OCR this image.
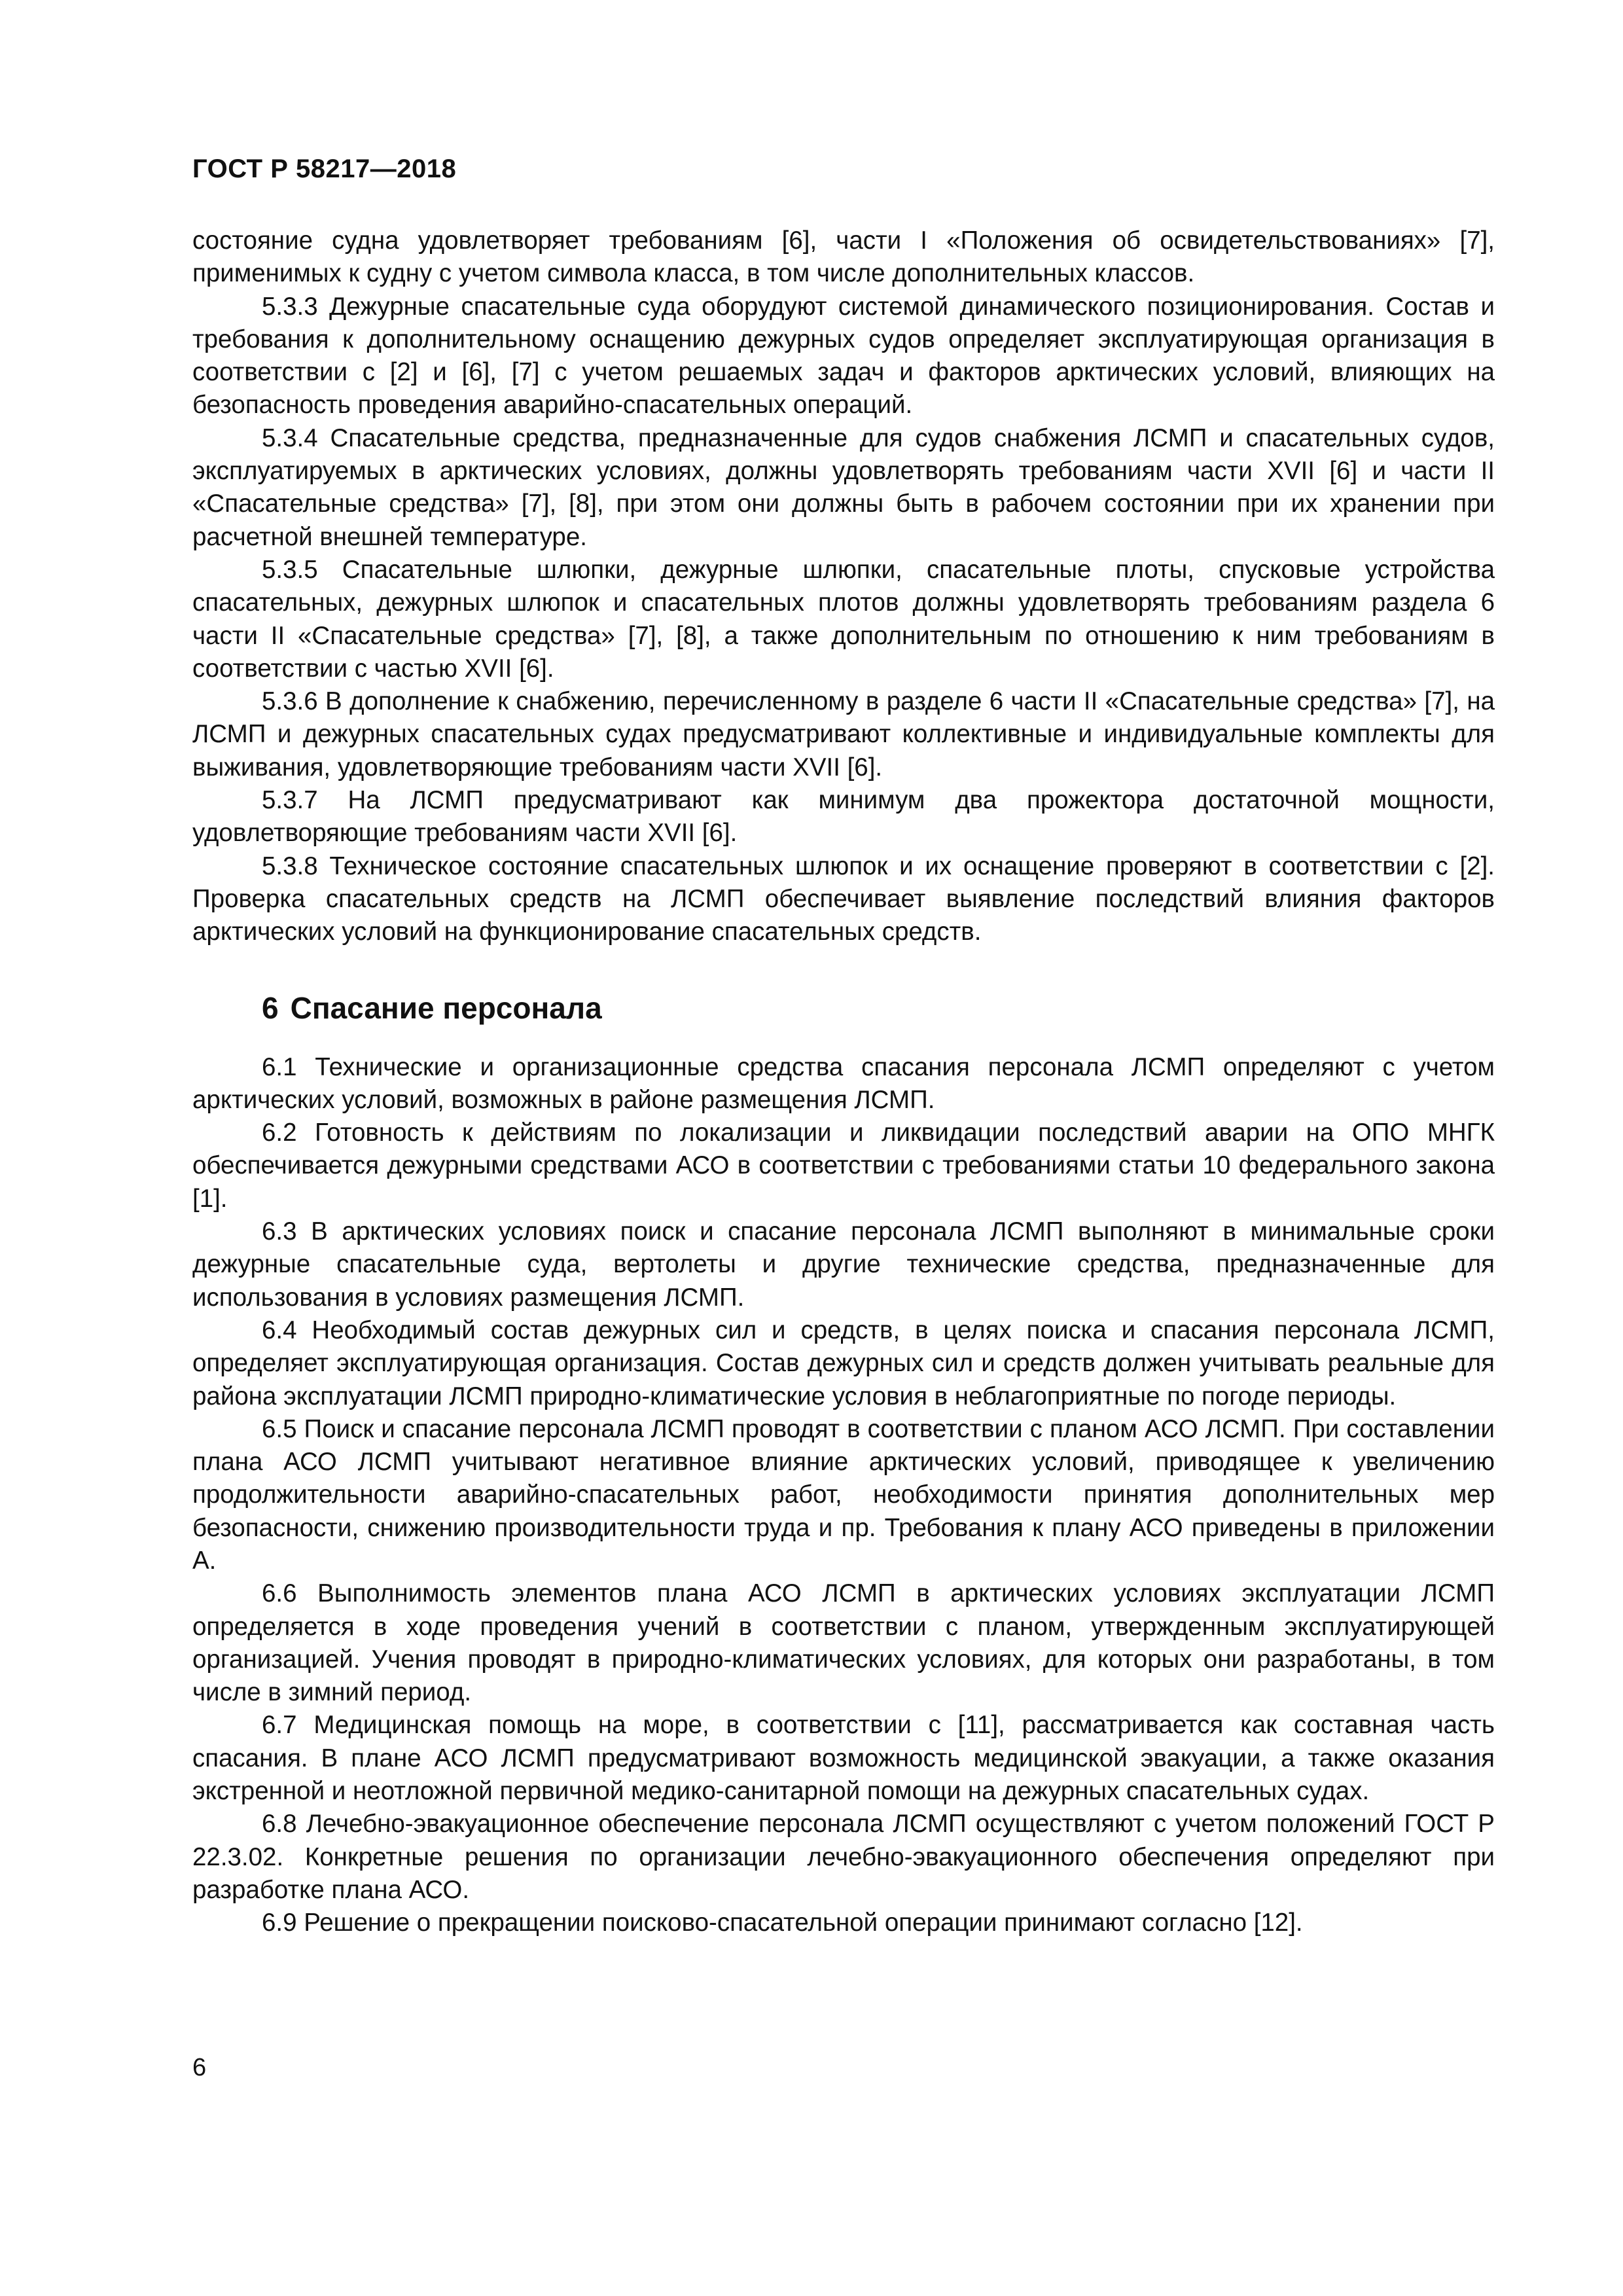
ГОСТ Р 58217—2018

состояние судна удовлетворяет требованиям [6], части I «Положения об освидетельствованиях» [7], применимых к судну с учетом символа класса, в том числе дополнительных классов.

5.3.3 Дежурные спасательные суда оборудуют системой динамического позиционирования. Состав и требования к дополнительному оснащению дежурных судов определяет эксплуатирующая организация в соответствии с [2] и [6], [7] с учетом решаемых задач и факторов арктических условий, влияющих на безопасность проведения аварийно-спасательных операций.

5.3.4 Спасательные средства, предназначенные для судов снабжения ЛСМП и спасательных судов, эксплуатируемых в арктических условиях, должны удовлетворять требованиям части XVII [6] и части II «Спасательные средства» [7], [8], при этом они должны быть в рабочем состоянии при их хранении при расчетной внешней температуре.

5.3.5 Спасательные шлюпки, дежурные шлюпки, спасательные плоты, спусковые устройства спасательных, дежурных шлюпок и спасательных плотов должны удовлетворять требованиям раздела 6 части II «Спасательные средства» [7], [8], а также дополнительным по отношению к ним требованиям в соответствии с частью XVII [6].

5.3.6 В дополнение к снабжению, перечисленному в разделе 6 части II «Спасательные средства» [7], на ЛСМП и дежурных спасательных судах предусматривают коллективные и индивидуальные комплекты для выживания, удовлетворяющие требованиям части XVII [6].

5.3.7 На ЛСМП предусматривают как минимум два прожектора достаточной мощности, удовлетворяющие требованиям части XVII [6].

5.3.8 Техническое состояние спасательных шлюпок и их оснащение проверяют в соответствии с [2]. Проверка спасательных средств на ЛСМП обеспечивает выявление последствий влияния факторов арктических условий на функционирование спасательных средств.

6 Спасание персонала

6.1 Технические и организационные средства спасания персонала ЛСМП определяют с учетом арктических условий, возможных в районе размещения ЛСМП.

6.2 Готовность к действиям по локализации и ликвидации последствий аварии на ОПО МНГК обеспечивается дежурными средствами АСО в соответствии с требованиями статьи 10 федерального закона [1].

6.3 В арктических условиях поиск и спасание персонала ЛСМП выполняют в минимальные сроки дежурные спасательные суда, вертолеты и другие технические средства, предназначенные для использования в условиях размещения ЛСМП.

6.4 Необходимый состав дежурных сил и средств, в целях поиска и спасания персонала ЛСМП, определяет эксплуатирующая организация. Состав дежурных сил и средств должен учитывать реальные для района эксплуатации ЛСМП природно-климатические условия в неблагоприятные по погоде периоды.

6.5 Поиск и спасание персонала ЛСМП проводят в соответствии с планом АСО ЛСМП. При составлении плана АСО ЛСМП учитывают негативное влияние арктических условий, приводящее к увеличению продолжительности аварийно-спасательных работ, необходимости принятия дополнительных мер безопасности, снижению производительности труда и пр. Требования к плану АСО приведены в приложении А.

6.6 Выполнимость элементов плана АСО ЛСМП в арктических условиях эксплуатации ЛСМП определяется в ходе проведения учений в соответствии с планом, утвержденным эксплуатирующей организацией. Учения проводят в природно-климатических условиях, для которых они разработаны, в том числе в зимний период.

6.7 Медицинская помощь на море, в соответствии с [11], рассматривается как составная часть спасания. В плане АСО ЛСМП предусматривают возможность медицинской эвакуации, а также оказания экстренной и неотложной первичной медико-санитарной помощи на дежурных спасательных судах.

6.8 Лечебно-эвакуационное обеспечение персонала ЛСМП осуществляют с учетом положений ГОСТ Р 22.3.02. Конкретные решения по организации лечебно-эвакуационного обеспечения определяют при разработке плана АСО.

6.9 Решение о прекращении поисково-спасательной операции принимают согласно [12].

6
